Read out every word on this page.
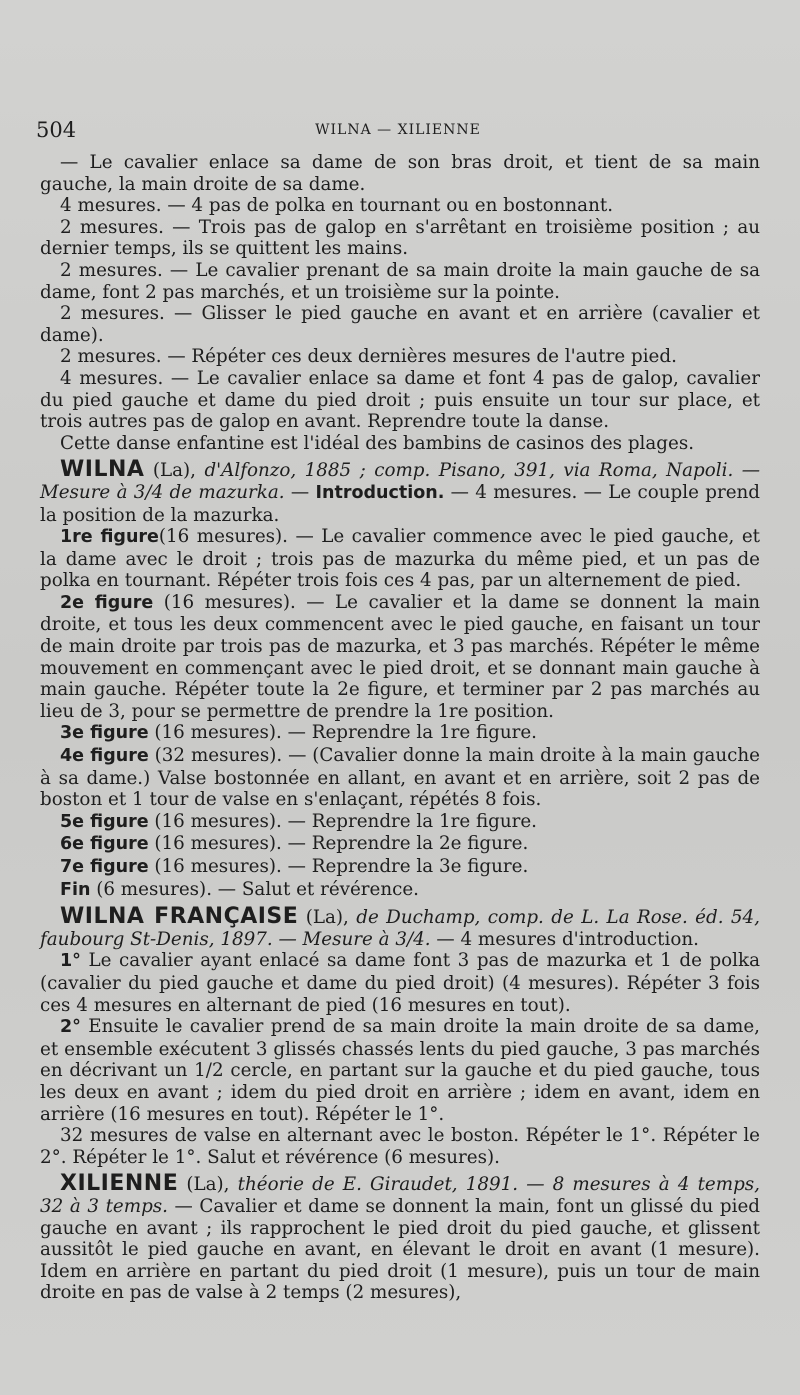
504	WILNA — XILIENNE

— Le cavalier enlace sa dame de son bras droit, et tient de sa main gauche, la main droite de sa dame.

4 mesures. — 4 pas de polka en tournant ou en bostonnant.

2 mesures. — Trois pas de galop en s'arrêtant en troisième position ; au dernier temps, ils se quittent les mains.

2 mesures. — Le cavalier prenant de sa main droite la main gauche de sa dame, font 2 pas marchés, et un troisième sur la pointe.

2 mesures. — Glisser le pied gauche en avant et en arrière (cavalier et dame).

2 mesures. — Répéter ces deux dernières mesures de l'autre pied.

4 mesures. — Le cavalier enlace sa dame et font 4 pas de galop, cavalier du pied gauche et dame du pied droit ; puis ensuite un tour sur place, et trois autres pas de galop en avant. Reprendre toute la danse.

Cette danse enfantine est l'idéal des bambins de casinos des plages.

WILNA (La), d'Alfonzo, 1885 ; comp. Pisano, 391, via Roma, Napoli. — Mesure à 3/4 de mazurka. — Introduction. — 4 mesures. — Le couple prend la position de la mazurka.

1re figure(16 mesures). — Le cavalier commence avec le pied gauche, et la dame avec le droit ; trois pas de mazurka du même pied, et un pas de polka en tournant. Répéter trois fois ces 4 pas, par un alternement de pied.

2e figure (16 mesures). — Le cavalier et la dame se donnent la main droite, et tous les deux commencent avec le pied gauche, en faisant un tour de main droite par trois pas de mazurka, et 3 pas marchés. Répéter le même mouvement en commençant avec le pied droit, et se donnant main gauche à main gauche. Répéter toute la 2e figure, et terminer par 2 pas marchés au lieu de 3, pour se permettre de prendre la 1re position.

3e figure (16 mesures). — Reprendre la 1re figure.

4e figure (32 mesures). — (Cavalier donne la main droite à la main gauche à sa dame.) Valse bostonnée en allant, en avant et en arrière, soit 2 pas de boston et 1 tour de valse en s'enlaçant, répétés 8 fois.

5e figure (16 mesures). — Reprendre la 1re figure.

6e figure (16 mesures). — Reprendre la 2e figure.

7e figure (16 mesures). — Reprendre la 3e figure.

Fin (6 mesures). — Salut et révérence.

WILNA FRANÇAISE (La), de Duchamp, comp. de L. La Rose. éd. 54, faubourg St-Denis, 1897. — Mesure à 3/4. — 4 mesures d'introduction.

1° Le cavalier ayant enlacé sa dame font 3 pas de mazurka et 1 de polka (cavalier du pied gauche et dame du pied droit) (4 mesures). Répéter 3 fois ces 4 mesures en alternant de pied (16 mesures en tout).

2° Ensuite le cavalier prend de sa main droite la main droite de sa dame, et ensemble exécutent 3 glissés chassés lents du pied gauche, 3 pas marchés en décrivant un 1/2 cercle, en partant sur la gauche et du pied gauche, tous les deux en avant ; idem du pied droit en arrière ; idem en avant, idem en arrière (16 mesures en tout). Répéter le 1°.

32 mesures de valse en alternant avec le boston. Répéter le 1°. Répéter le 2°. Répéter le 1°. Salut et révérence (6 mesures).

XILIENNE (La), théorie de E. Giraudet, 1891. — 8 mesures à 4 temps, 32 à 3 temps. — Cavalier et dame se donnent la main, font un glissé du pied gauche en avant ; ils rapprochent le pied droit du pied gauche, et glissent aussitôt le pied gauche en avant, en élevant le droit en avant (1 mesure). Idem en arrière en partant du pied droit (1 mesure), puis un tour de main droite en pas de valse à 2 temps (2 mesures),
